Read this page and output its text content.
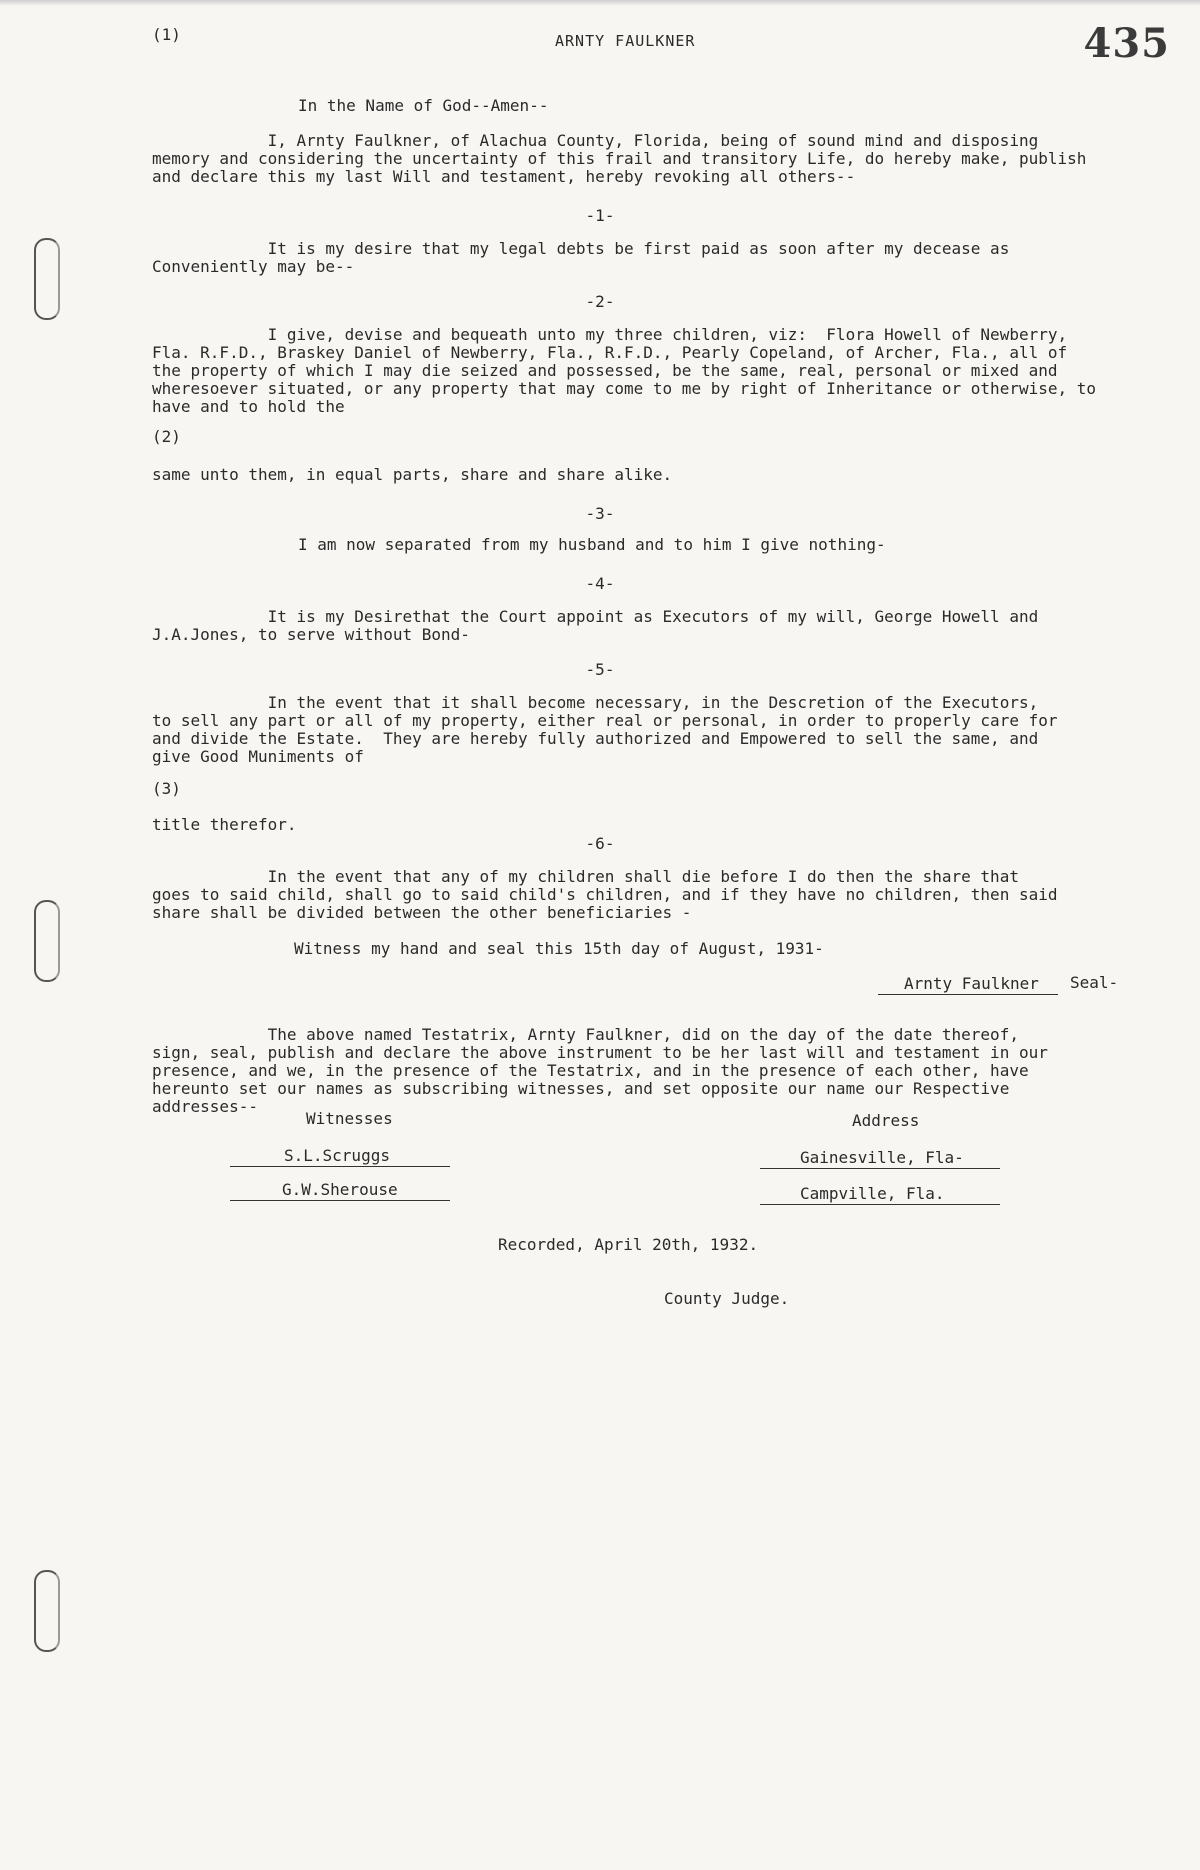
(1)	ARNTY FAULKNER	435
In the Name of God--Amen--

I, Arnty Faulkner, of Alachua County, Florida, being of sound mind and disposing

memory and considering the uncertainty of this frail and transitory Life, do hereby make, publish

and declare this my last Will and testament, hereby revoking all others--

-1-

It is my desire that my legal debts be first paid as soon after my decease as

Conveniently may be--

-2-

I give, devise and bequeath unto my three children, viz:  Flora Howell of Newberry,

Fla. R.F.D., Braskey Daniel of Newberry, Fla., R.F.D., Pearly Copeland, of Archer, Fla., all of

the property of which I may die seized and possessed, be the same, real, personal or mixed and

wheresoever situated, or any property that may come to me by right of Inheritance or otherwise, to

have and to hold the

(2)
same unto them, in equal parts, share and share alike.
-3-
I am now separated from my husband and to him I give nothing-
-4-

It is my Desirethat the Court appoint as Executors of my will, George Howell and

J.A.Jones, to serve without Bond-

-5-

In the event that it shall become necessary, in the Descretion of the Executors,

to sell any part or all of my property, either real or personal, in order to properly care for

and divide the Estate.  They are hereby fully authorized and Empowered to sell the same, and

give Good Muniments of

(3)
title therefor.
-6-

In the event that any of my children shall die before I do then the share that

goes to said child, shall go to said child's children, and if they have no children, then said

share shall be divided between the other beneficiaries -

Witness my hand and seal this 15th day of August, 1931-
Arnty Faulkner Seal-

The above named Testatrix, Arnty Faulkner, did on the day of the date thereof,

sign, seal, publish and declare the above instrument to be her last will and testament in our

presence, and we, in the presence of the Testatrix, and in the presence of each other, have

hereunto set our names as subscribing witnesses, and set opposite our name our Respective

addresses--

Witnesses	Address
S.L.Scruggs	Gainesville, Fla-
G.W.Sherouse	Campville, Fla.
Recorded, April 20th, 1932.
County Judge.
